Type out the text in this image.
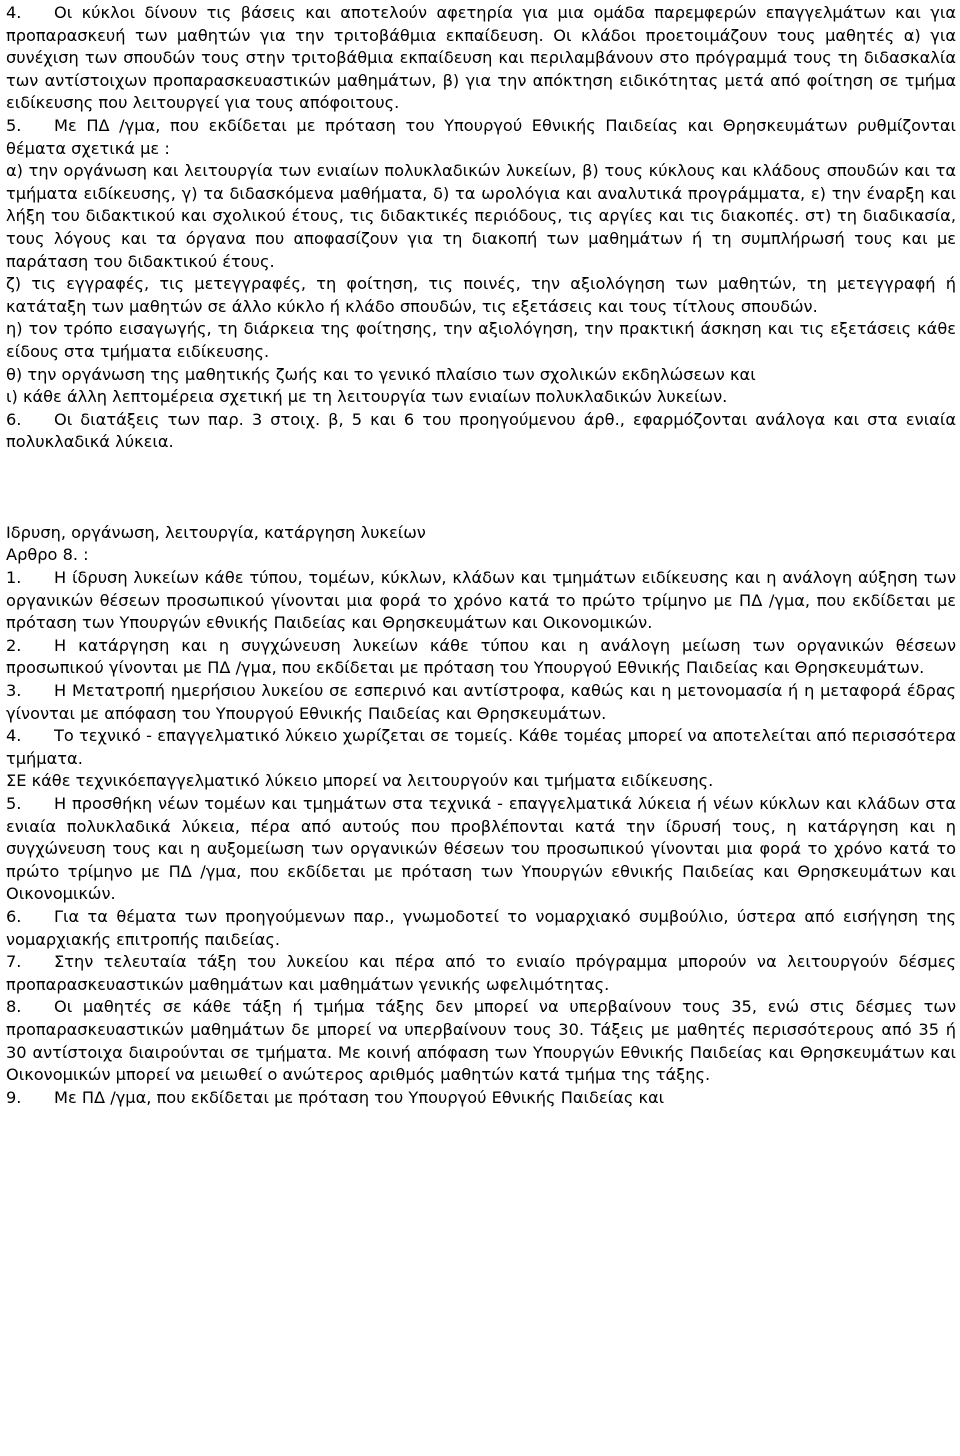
4. Οι κύκλοι δίνουν τις βάσεις και αποτελούν αφετηρία για μια ομάδα παρεμφερών επαγγελμάτων και για προπαρασκευή των μαθητών για την τριτοβάθμια εκπαίδευση. Οι κλάδοι προετοιμάζουν τους μαθητές α) για συνέχιση των σπουδών τους στην τριτοβάθμια εκπαίδευση και περιλαμβάνουν στο πρόγραμμά τους τη διδασκαλία των αντίστοιχων προπαρασκευαστικών μαθημάτων, β) για την απόκτηση ειδικότητας μετά από φοίτηση σε τμήμα ειδίκευσης που λειτουργεί για τους απόφοιτους.

5. Με ΠΔ /γμα, που εκδίδεται με πρόταση του Υπουργού Εθνικής Παιδείας και Θρησκευμάτων ρυθμίζονται θέματα σχετικά με :

α) την οργάνωση και λειτουργία των ενιαίων πολυκλαδικών λυκείων, β) τους κύκλους και κλάδους σπουδών και τα τμήματα ειδίκευσης, γ) τα διδασκόμενα μαθήματα, δ) τα ωρολόγια και αναλυτικά προγράμματα, ε) την έναρξη και λήξη του διδακτικού και σχολικού έτους, τις διδακτικές περιόδους, τις αργίες και τις διακοπές. στ) τη διαδικασία, τους λόγους και τα όργανα που αποφασίζουν για τη διακοπή των μαθημάτων ή τη συμπλήρωσή τους και με παράταση του διδακτικού έτους.

ζ) τις εγγραφές, τις μετεγγραφές, τη φοίτηση, τις ποινές, την αξιολόγηση των μαθητών, τη μετεγγραφή ή κατάταξη των μαθητών σε άλλο κύκλο ή κλάδο σπουδών, τις εξετάσεις και τους τίτλους σπουδών.

η) τον τρόπο εισαγωγής, τη διάρκεια της φοίτησης, την αξιολόγηση, την πρακτική άσκηση και τις εξετάσεις κάθε είδους στα τμήματα ειδίκευσης.

θ) την οργάνωση της μαθητικής ζωής και το γενικό πλαίσιο των σχολικών εκδηλώσεων και

ι) κάθε άλλη λεπτομέρεια σχετική με τη λειτουργία των ενιαίων πολυκλαδικών λυκείων.

6. Οι διατάξεις των παρ. 3 στοιχ. β, 5 και 6 του προηγούμενου άρθ., εφαρμόζονται ανάλογα και στα ενιαία πολυκλαδικά λύκεια.

Ιδρυση, οργάνωση, λειτουργία, κατάργηση λυκείων

Αρθρο 8. :

1. Η ίδρυση λυκείων κάθε τύπου, τομέων, κύκλων, κλάδων και τμημάτων ειδίκευσης και η ανάλογη αύξηση των οργανικών θέσεων προσωπικού γίνονται μια φορά το χρόνο κατά το πρώτο τρίμηνο με ΠΔ /γμα, που εκδίδεται με πρόταση των Υπουργών εθνικής Παιδείας και Θρησκευμάτων και Οικονομικών.

2. Η κατάργηση και η συγχώνευση λυκείων κάθε τύπου και η ανάλογη μείωση των οργανικών θέσεων προσωπικού γίνονται με ΠΔ /γμα, που εκδίδεται με πρόταση του Υπουργού Εθνικής Παιδείας και Θρησκευμάτων.

3. Η Μετατροπή ημερήσιου λυκείου σε εσπερινό και αντίστροφα, καθώς και η μετονομασία ή η μεταφορά έδρας γίνονται με απόφαση του Υπουργού Εθνικής Παιδείας και Θρησκευμάτων.

4. Το τεχνικό - επαγγελματικό λύκειο χωρίζεται σε τομείς. Κάθε τομέας μπορεί να αποτελείται από περισσότερα τμήματα.

ΣΕ κάθε τεχνικόεπαγγελματικό λύκειο μπορεί να λειτουργούν και τμήματα ειδίκευσης.

5. Η προσθήκη νέων τομέων και τμημάτων στα τεχνικά - επαγγελματικά λύκεια ή νέων κύκλων και κλάδων στα ενιαία πολυκλαδικά λύκεια, πέρα από αυτούς που προβλέπονται κατά την ίδρυσή τους, η κατάργηση και η συγχώνευση τους και η αυξομείωση των οργανικών θέσεων του προσωπικού γίνονται μια φορά το χρόνο κατά το πρώτο τρίμηνο με ΠΔ /γμα, που εκδίδεται με πρόταση των Υπουργών εθνικής Παιδείας και Θρησκευμάτων και Οικονομικών.

6. Για τα θέματα των προηγούμενων παρ., γνωμοδοτεί το νομαρχιακό συμβούλιο, ύστερα από εισήγηση της νομαρχιακής επιτροπής παιδείας.

7. Στην τελευταία τάξη του λυκείου και πέρα από το ενιαίο πρόγραμμα μπορούν να λειτουργούν δέσμες προπαρασκευαστικών μαθημάτων και μαθημάτων γενικής ωφελιμότητας.

8. Οι μαθητές σε κάθε τάξη ή τμήμα τάξης δεν μπορεί να υπερβαίνουν τους 35, ενώ στις δέσμες των προπαρασκευαστικών μαθημάτων δε μπορεί να υπερβαίνουν τους 30. Τάξεις με μαθητές περισσότερους από 35 ή 30 αντίστοιχα διαιρούνται σε τμήματα. Με κοινή απόφαση των Υπουργών Εθνικής Παιδείας και Θρησκευμάτων και Οικονομικών μπορεί να μειωθεί ο ανώτερος αριθμός μαθητών κατά τμήμα της τάξης.

9. Με ΠΔ /γμα, που εκδίδεται με πρόταση του Υπουργού Εθνικής Παιδείας και
